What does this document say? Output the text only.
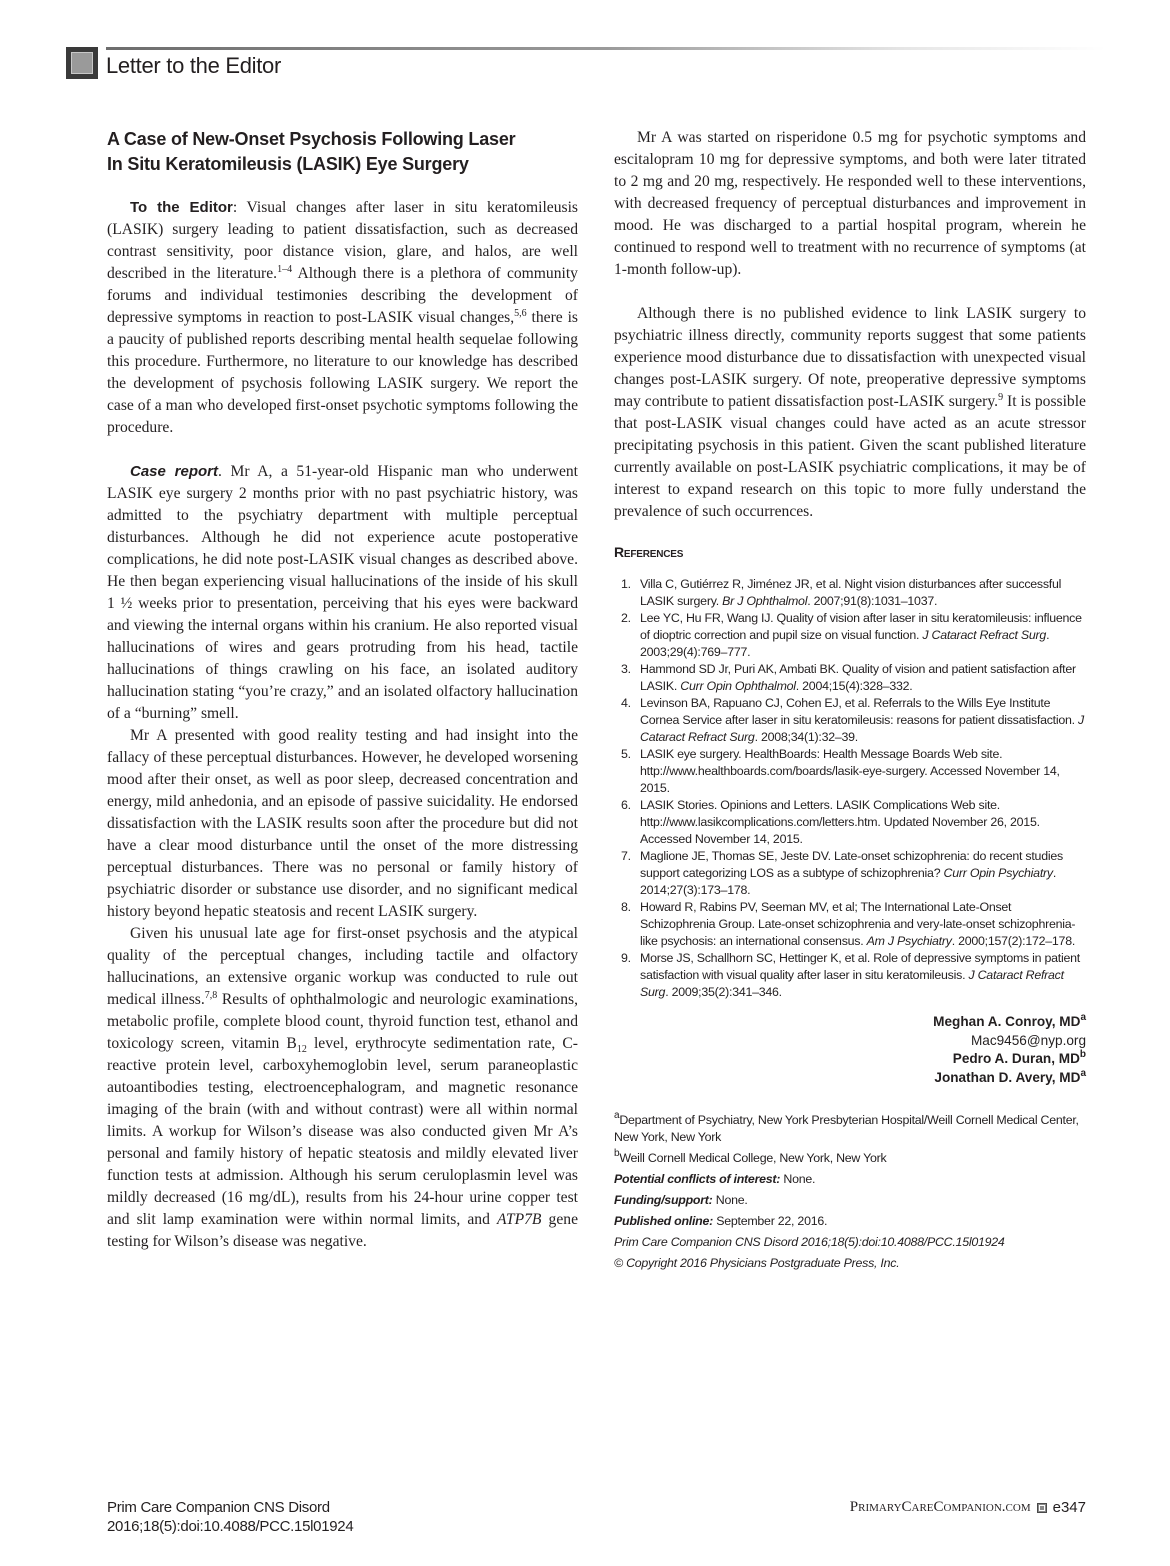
Letter to the Editor
A Case of New-Onset Psychosis Following Laser
In Situ Keratomileusis (LASIK) Eye Surgery

To the Editor: Visual changes after laser in situ keratomileusis (LASIK) surgery leading to patient dissatisfaction, such as decreased contrast sensitivity, poor distance vision, glare, and halos, are well described in the literature.$^{1-4}$ Although there is a plethora of community forums and individual testimonies describing the development of depressive symptoms in reaction to post-LASIK visual changes,$^{5,6}$ there is a paucity of published reports describing mental health sequelae following this procedure. Furthermore, no literature to our knowledge has described the development of psychosis following LASIK surgery. We report the case of a man who developed first-onset psychotic symptoms following the procedure.

Case report. Mr A, a 51-year-old Hispanic man who underwent LASIK eye surgery 2 months prior with no past psychiatric history, was admitted to the psychiatry department with multiple perceptual disturbances. Although he did not experience acute postoperative complications, he did note post-LASIK visual changes as described above. He then began experiencing visual hallucinations of the inside of his skull 1 ½ weeks prior to presentation, perceiving that his eyes were backward and viewing the internal organs within his cranium. He also reported visual hallucinations of wires and gears protruding from his head, tactile hallucinations of things crawling on his face, an isolated auditory hallucination stating “you’re crazy,” and an isolated olfactory hallucination of a “burning” smell.

Mr A presented with good reality testing and had insight into the fallacy of these perceptual disturbances. However, he developed worsening mood after their onset, as well as poor sleep, decreased concentration and energy, mild anhedonia, and an episode of passive suicidality. He endorsed dissatisfaction with the LASIK results soon after the procedure but did not have a clear mood disturbance until the onset of the more distressing perceptual disturbances. There was no personal or family history of psychiatric disorder or substance use disorder, and no significant medical history beyond hepatic steatosis and recent LASIK surgery.

Given his unusual late age for first-onset psychosis and the atypical quality of the perceptual changes, including tactile and olfactory hallucinations, an extensive organic workup was conducted to rule out medical illness.$^{7,8}$ Results of ophthalmologic and neurologic examinations, metabolic profile, complete blood count, thyroid function test, ethanol and toxicology screen, vitamin $B_{12}$ level, erythrocyte sedimentation rate, C-reactive protein level, carboxyhemoglobin level, serum paraneoplastic autoantibodies testing, electroencephalogram, and magnetic resonance imaging of the brain (with and without contrast) were all within normal limits. A workup for Wilson’s disease was also conducted given Mr A’s personal and family history of hepatic steatosis and mildly elevated liver function tests at admission. Although his serum ceruloplasmin level was mildly decreased (16 mg/dL), results from his 24-hour urine copper test and slit lamp examination were within normal limits, and ATP7B gene testing for Wilson’s disease was negative.

Mr A was started on risperidone 0.5 mg for psychotic symptoms and escitalopram 10 mg for depressive symptoms, and both were later titrated to 2 mg and 20 mg, respectively. He responded well to these interventions, with decreased frequency of perceptual disturbances and improvement in mood. He was discharged to a partial hospital program, wherein he continued to respond well to treatment with no recurrence of symptoms (at 1-month follow-up).

Although there is no published evidence to link LASIK surgery to psychiatric illness directly, community reports suggest that some patients experience mood disturbance due to dissatisfaction with unexpected visual changes post-LASIK surgery. Of note, preoperative depressive symptoms may contribute to patient dissatisfaction post-LASIK surgery.$^9$ It is possible that post-LASIK visual changes could have acted as an acute stressor precipitating psychosis in this patient. Given the scant published literature currently available on post-LASIK psychiatric complications, it may be of interest to expand research on this topic to more fully understand the prevalence of such occurrences.

References
1. Villa C, Gutiérrez R, Jiménez JR, et al. Night vision disturbances after successful LASIK surgery. Br J Ophthalmol. 2007;91(8):1031–1037.
2. Lee YC, Hu FR, Wang IJ. Quality of vision after laser in situ keratomileusis: influence of dioptric correction and pupil size on visual function. J Cataract Refract Surg. 2003;29(4):769–777.
3. Hammond SD Jr, Puri AK, Ambati BK. Quality of vision and patient satisfaction after LASIK. Curr Opin Ophthalmol. 2004;15(4):328–332.
4. Levinson BA, Rapuano CJ, Cohen EJ, et al. Referrals to the Wills Eye Institute Cornea Service after laser in situ keratomileusis: reasons for patient dissatisfaction. J Cataract Refract Surg. 2008;34(1):32–39.
5. LASIK eye surgery. HealthBoards: Health Message Boards Web site. http://www.healthboards.com/boards/lasik-eye-surgery. Accessed November 14, 2015.
6. LASIK Stories. Opinions and Letters. LASIK Complications Web site. http://www.lasikcomplications.com/letters.htm. Updated November 26, 2015. Accessed November 14, 2015.
7. Maglione JE, Thomas SE, Jeste DV. Late-onset schizophrenia: do recent studies support categorizing LOS as a subtype of schizophrenia? Curr Opin Psychiatry. 2014;27(3):173–178.
8. Howard R, Rabins PV, Seeman MV, et al; The International Late-Onset Schizophrenia Group. Late-onset schizophrenia and very-late-onset schizophrenia-like psychosis: an international consensus. Am J Psychiatry. 2000;157(2):172–178.
9. Morse JS, Schallhorn SC, Hettinger K, et al. Role of depressive symptoms in patient satisfaction with visual quality after laser in situ keratomileusis. J Cataract Refract Surg. 2009;35(2):341–346.
Meghan A. Conroy, $MD^a$
Mac9456@nyp.org
Pedro A. Duran, $MD^b$
Jonathan D. Avery, $MD^a$
$^a$Department of Psychiatry, New York Presbyterian Hospital/Weill Cornell Medical Center, New York, New York
$^b$Weill Cornell Medical College, New York, New York
Potential conflicts of interest: None.
Funding/support: None.
Published online: September 22, 2016.
Prim Care Companion CNS Disord 2016;18(5):doi:10.4088/PCC.15l01924
© Copyright 2016 Physicians Postgraduate Press, Inc.
Prim Care Companion CNS Disord
2016;18(5):doi:10.4088/PCC.15l01924
PrimaryCareCompanion.com e347
